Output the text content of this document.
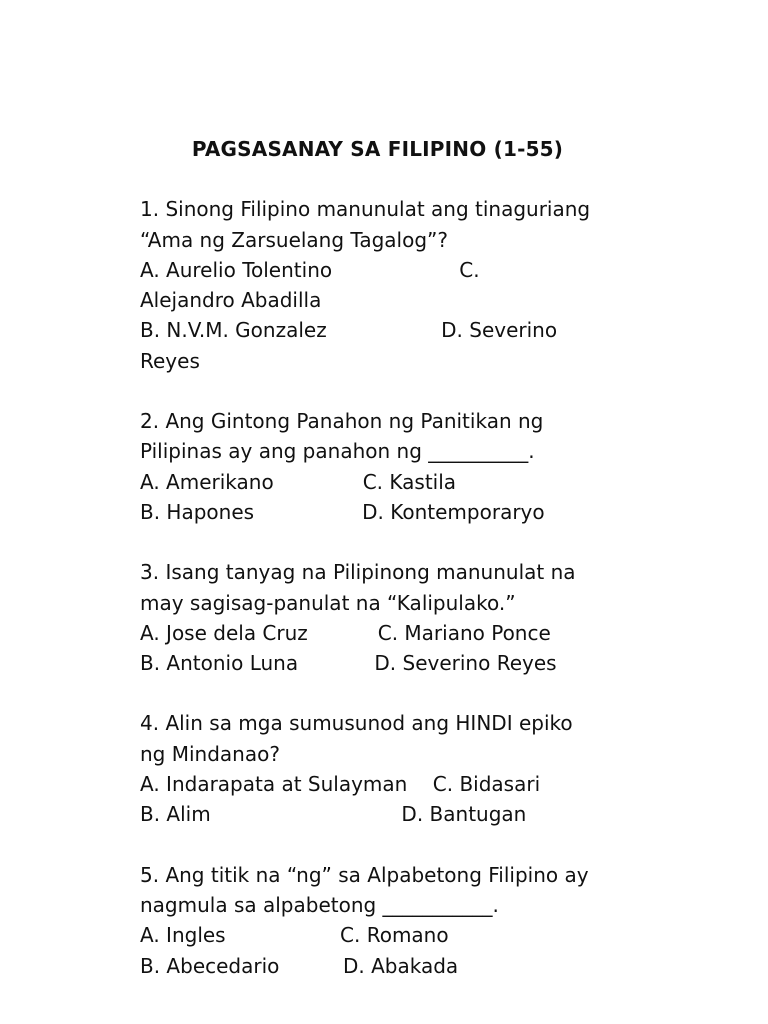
PAGSASANAY SA FILIPINO (1-55)
1. Sinong Filipino manunulat ang tinaguriang
“Ama ng Zarsuelang Tagalog”?
A. Aurelio Tolentino                    C.
Alejandro Abadilla
B. N.V.M. Gonzalez                  D. Severino
Reyes
2. Ang Gintong Panahon ng Panitikan ng
Pilipinas ay ang panahon ng __________.
A. Amerikano              C. Kastila
B. Hapones                 D. Kontemporaryo
3. Isang tanyag na Pilipinong manunulat na
may sagisag-panulat na “Kalipulako.”
A. Jose dela Cruz           C. Mariano Ponce
B. Antonio Luna            D. Severino Reyes
4. Alin sa mga sumusunod ang HINDI epiko
ng Mindanao?
A. Indarapata at Sulayman    C. Bidasari
B. Alim                              D. Bantugan
5. Ang titik na “ng” sa Alpabetong Filipino ay
nagmula sa alpabetong ___________.
A. Ingles                  C. Romano
B. Abecedario          D. Abakada
